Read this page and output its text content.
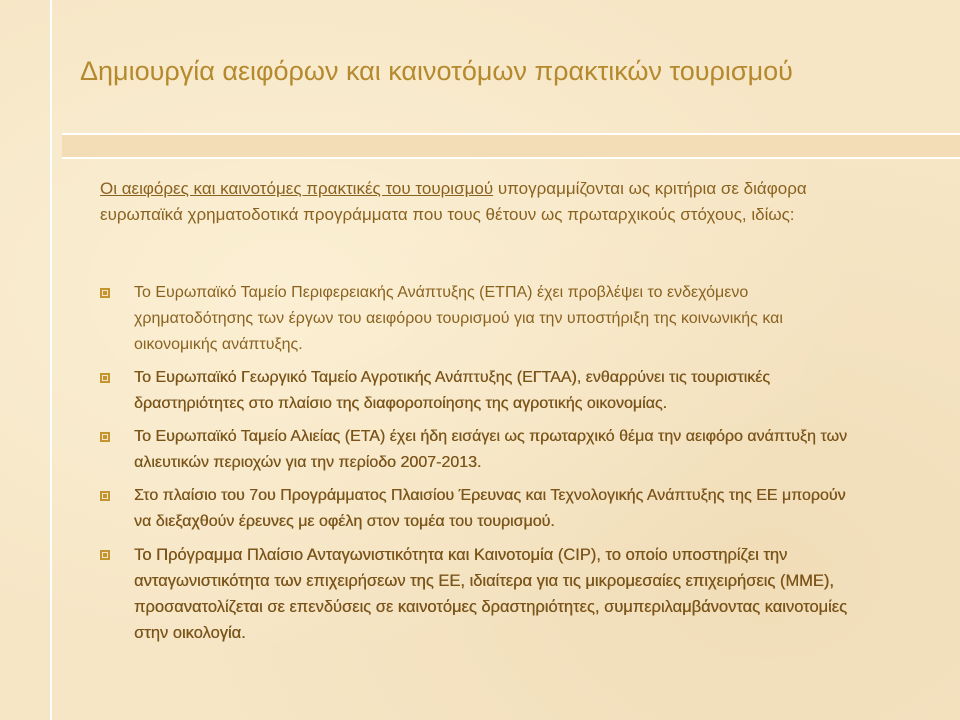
Δημιουργία αειφόρων και καινοτόμων πρακτικών τουρισμού

Οι αειφόρες και καινοτόμες πρακτικές του τουρισμού υπογραμμίζονται ως κριτήρια σε διάφορα ευρωπαϊκά χρηματοδοτικά προγράμματα που τους θέτουν ως πρωταρχικούς στόχους, ιδίως:

Το Ευρωπαϊκό Ταμείο Περιφερειακής Ανάπτυξης (ΕΤΠΑ) έχει προβλέψει το ενδεχόμενο χρηματοδότησης των έργων του αειφόρου τουρισμού για την υποστήριξη της κοινωνικής και οικονομικής ανάπτυξης.
Το Ευρωπαϊκό Γεωργικό Ταμείο Αγροτικής Ανάπτυξης (ΕΓΤΑΑ), ενθαρρύνει τις τουριστικές δραστηριότητες στο πλαίσιο της διαφοροποίησης της αγροτικής οικονομίας.
Το Ευρωπαϊκό Ταμείο Αλιείας (ΕΤΑ) έχει ήδη εισάγει ως πρωταρχικό θέμα την αειφόρο ανάπτυξη των αλιευτικών περιοχών για την περίοδο 2007-2013.
Στο πλαίσιο του 7ου Προγράμματος Πλαισίου Έρευνας και Τεχνολογικής Ανάπτυξης της ΕΕ μπορούν να διεξαχθούν έρευνες με οφέλη στον τομέα του τουρισμού.
Το Πρόγραμμα Πλαίσιο Ανταγωνιστικότητα και Καινοτομία (CIP), το οποίο υποστηρίζει την ανταγωνιστικότητα των επιχειρήσεων της ΕΕ, ιδιαίτερα για τις μικρομεσαίες επιχειρήσεις (ΜΜΕ), προσανατολίζεται σε επενδύσεις σε καινοτόμες δραστηριότητες, συμπεριλαμβάνοντας καινοτομίες στην οικολογία.
